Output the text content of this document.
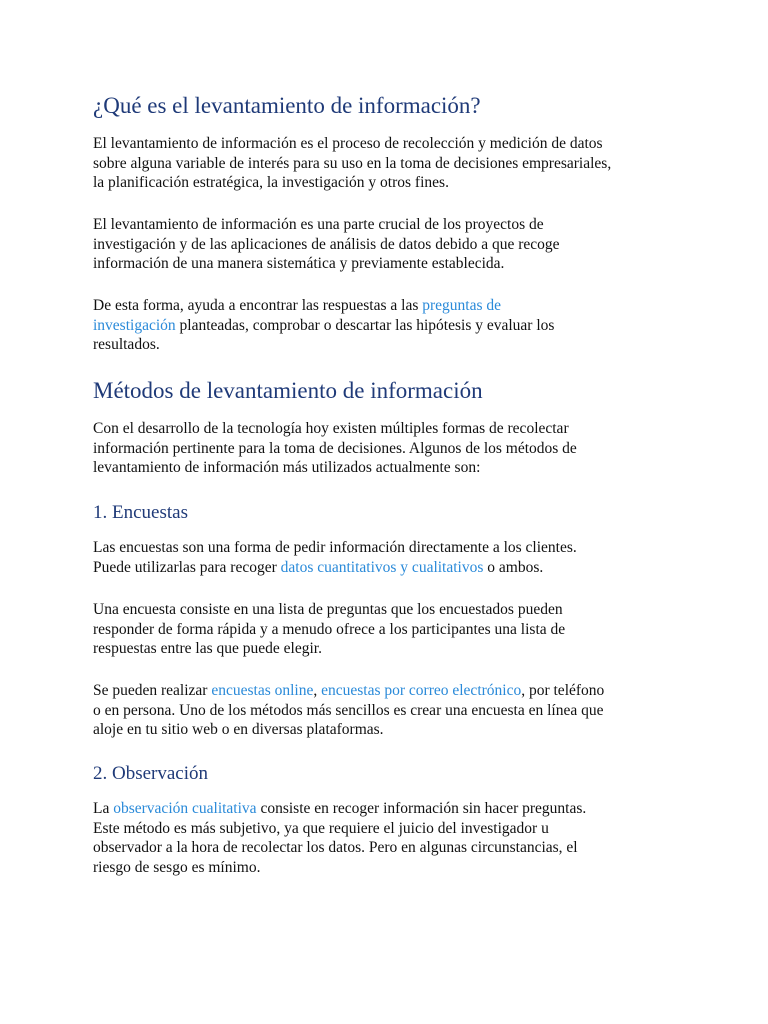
¿Qué es el levantamiento de información?

El levantamiento de información es el proceso de recolección y medición de datos
sobre alguna variable de interés para su uso en la toma de decisiones empresariales,
la planificación estratégica, la investigación y otros fines.

El levantamiento de información es una parte crucial de los proyectos de
investigación y de las aplicaciones de análisis de datos debido a que recoge
información de una manera sistemática y previamente establecida.

De esta forma, ayuda a encontrar las respuestas a las preguntas de
investigación planteadas, comprobar o descartar las hipótesis y evaluar los
resultados.

Métodos de levantamiento de información

Con el desarrollo de la tecnología hoy existen múltiples formas de recolectar
información pertinente para la toma de decisiones. Algunos de los métodos de
levantamiento de información más utilizados actualmente son:

1. Encuestas

Las encuestas son una forma de pedir información directamente a los clientes.
Puede utilizarlas para recoger datos cuantitativos y cualitativos o ambos.

Una encuesta consiste en una lista de preguntas que los encuestados pueden
responder de forma rápida y a menudo ofrece a los participantes una lista de
respuestas entre las que puede elegir.

Se pueden realizar encuestas online, encuestas por correo electrónico, por teléfono
o en persona. Uno de los métodos más sencillos es crear una encuesta en línea que
aloje en tu sitio web o en diversas plataformas.

2. Observación

La observación cualitativa consiste en recoger información sin hacer preguntas.
Este método es más subjetivo, ya que requiere el juicio del investigador u
observador a la hora de recolectar los datos. Pero en algunas circunstancias, el
riesgo de sesgo es mínimo.
